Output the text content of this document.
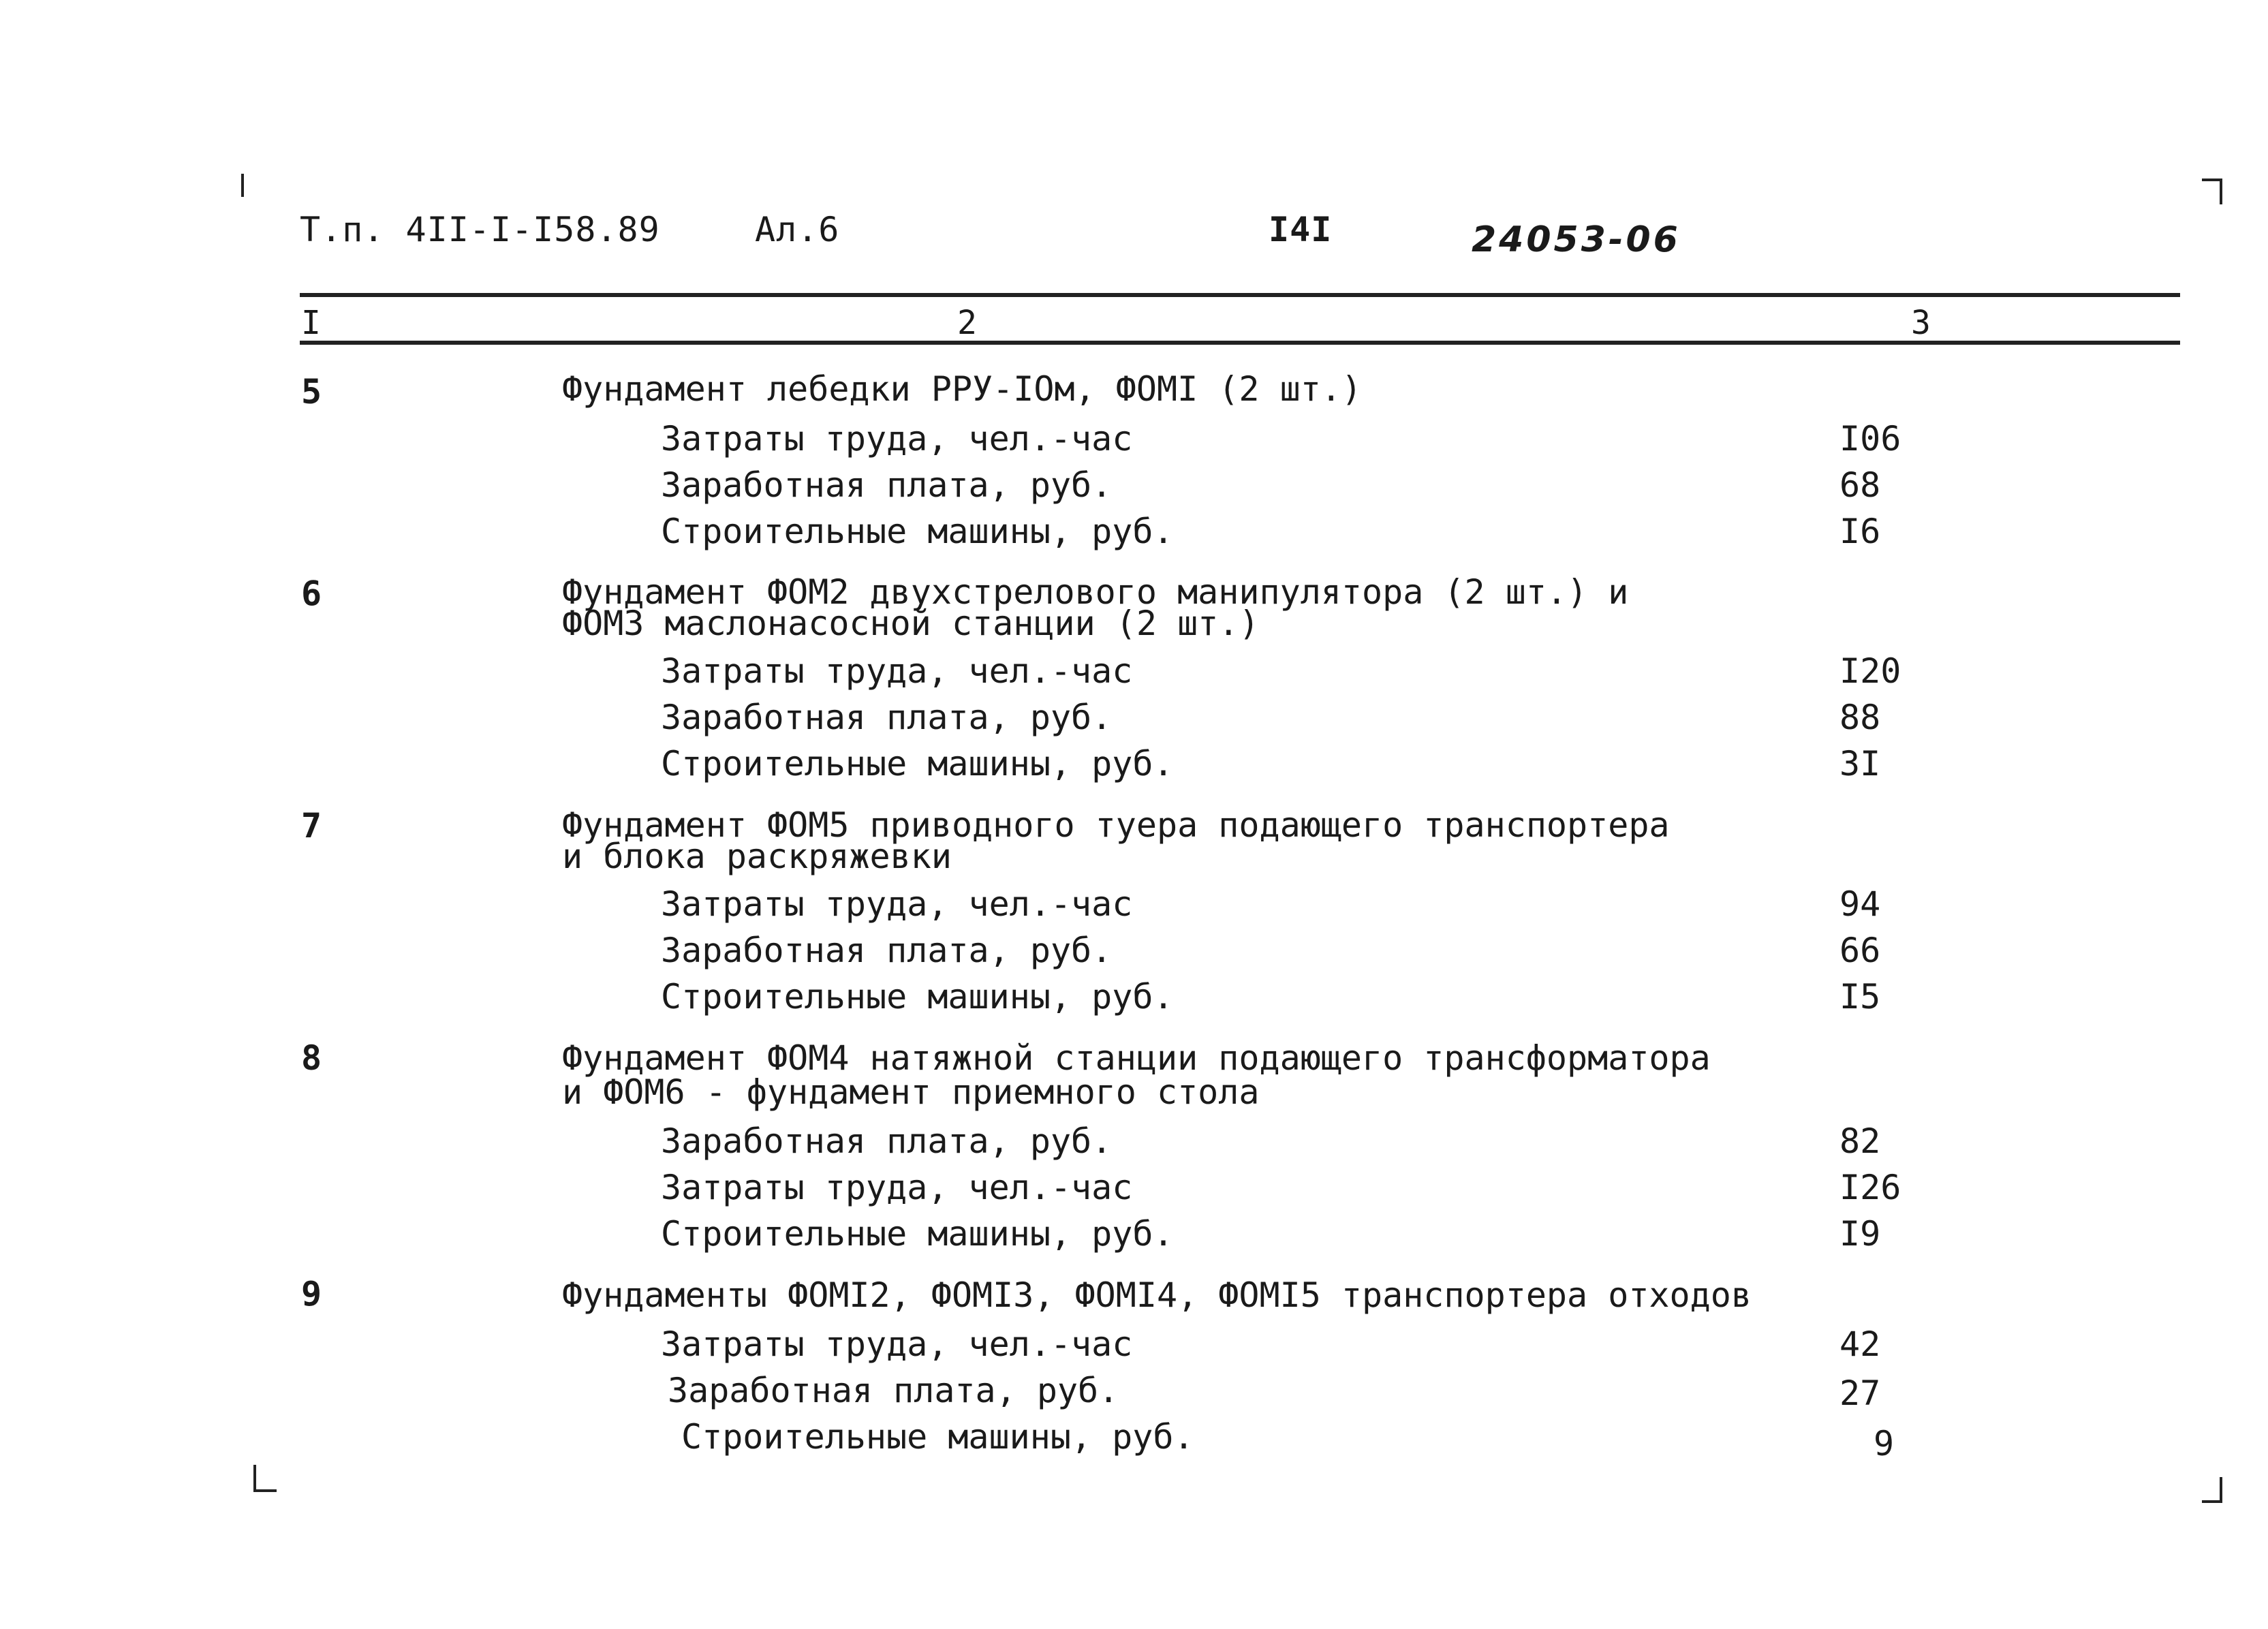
Т.п. 4II-I-I58.89	Ал.6	I4I	24053-06
I	2	3
5	Фундамент лебедки РРУ-IOм, ФОМI (2 шт.)
Затраты труда, чел.-час	I06
Заработная плата, руб.	68
Строительные машины, руб.	I6
6	Фундамент ФОМ2 двухстрелового манипулятора (2 шт.) и
ФОМ3 маслонасосной станции (2 шт.)
Затраты труда, чел.-час	I20
Заработная плата, руб.	88
Строительные машины, руб.	3I
7	Фундамент ФОМ5 приводного туера подающего транспортера
и блока раскряжевки
Затраты труда, чел.-час	94
Заработная плата, руб.	66
Строительные машины, руб.	I5
8	Фундамент ФОМ4 натяжной станции подающего трансформатора
и ФОМ6 - фундамент приемного стола
Заработная плата, руб.	82
Затраты труда, чел.-час	I26
Строительные машины, руб.	I9
9	Фундаменты ФОМI2, ФОМI3, ФОМI4, ФОМI5 транспортера отходов
Затраты труда, чел.-час	42
Заработная плата, руб.	27
Строительные машины, руб.	9
